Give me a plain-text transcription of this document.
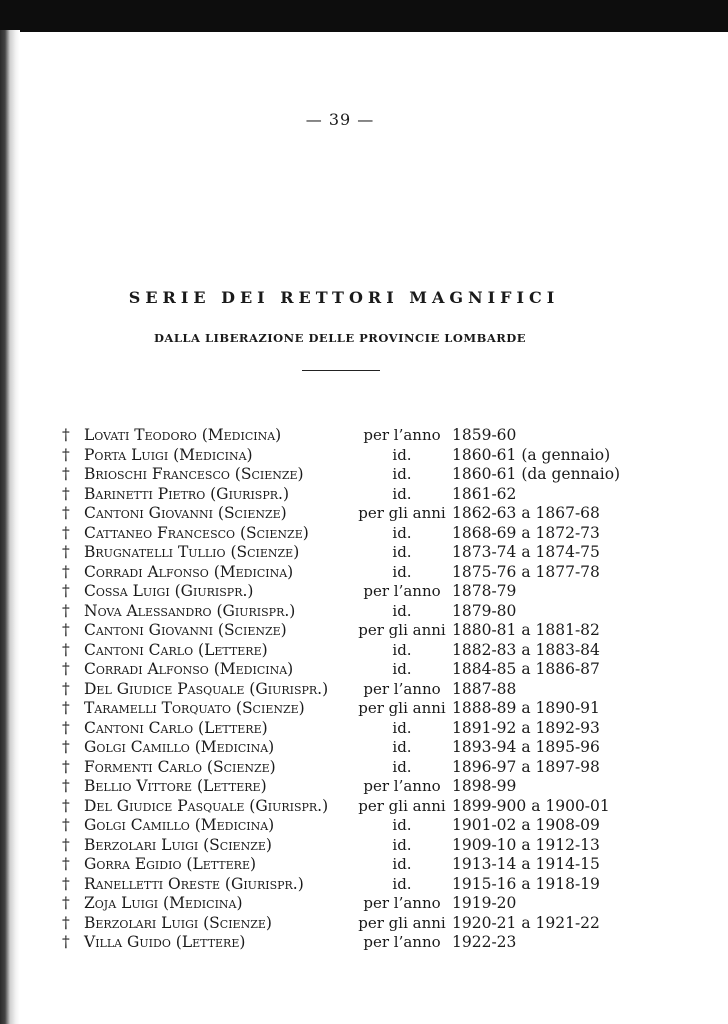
— 39 —
SERIE DEI RETTORI MAGNIFICI
DALLA LIBERAZIONE DELLE PROVINCIE LOMBARDE
† Lovati Teodoro (Medicina)	per l’anno 1859-60
† Porta Luigi (Medicina)	id.	1860-61 (a gennaio)
† Brioschi Francesco (Scienze)	id.	1860-61 (da gennaio)
† Barinetti Pietro (Giurispr.)	id.	1861-62
† Cantoni Giovanni (Scienze)	per gli anni 1862-63 a 1867-68
† Cattaneo Francesco (Scienze)	id.	1868-69 a 1872-73
† Brugnatelli Tullio (Scienze)	id.	1873-74 a 1874-75
† Corradi Alfonso (Medicina)	id.	1875-76 a 1877-78
† Cossa Luigi (Giurispr.)	per l’anno 1878-79
† Nova Alessandro (Giurispr.)	id.	1879-80
† Cantoni Giovanni (Scienze)	per gli anni 1880-81 a 1881-82
† Cantoni Carlo (Lettere)	id.	1882-83 a 1883-84
† Corradi Alfonso (Medicina)	id.	1884-85 a 1886-87
† Del Giudice Pasquale (Giurispr.)	per l’anno 1887-88
† Taramelli Torquato (Scienze)	per gli anni 1888-89 a 1890-91
† Cantoni Carlo (Lettere)	id.	1891-92 a 1892-93
† Golgi Camillo (Medicina)	id.	1893-94 a 1895-96
† Formenti Carlo (Scienze)	id.	1896-97 a 1897-98
† Bellio Vittore (Lettere)	per l’anno 1898-99
† Del Giudice Pasquale (Giurispr.)	per gli anni 1899-900 a 1900-01
† Golgi Camillo (Medicina)	id.	1901-02 a 1908-09
† Berzolari Luigi (Scienze)	id.	1909-10 a 1912-13
† Gorra Egidio (Lettere)	id.	1913-14 a 1914-15
† Ranelletti Oreste (Giurispr.)	id.	1915-16 a 1918-19
† Zoja Luigi (Medicina)	per l’anno 1919-20
† Berzolari Luigi (Scienze)	per gli anni 1920-21 a 1921-22
† Villa Guido (Lettere)	per l’anno 1922-23
